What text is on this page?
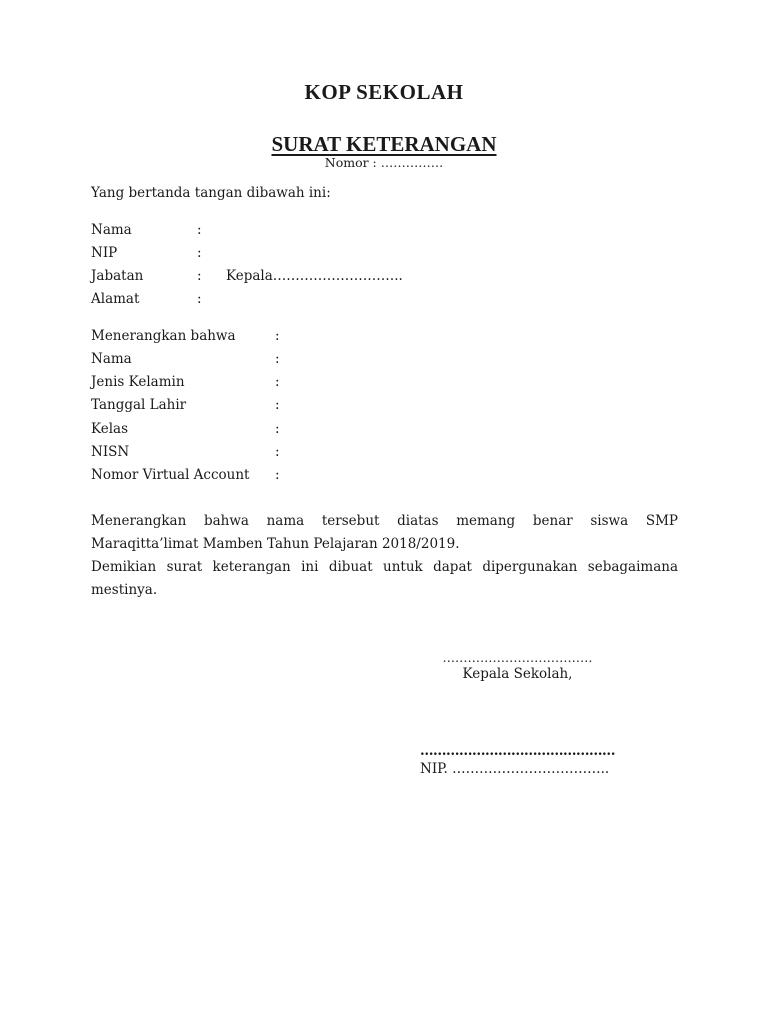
KOP SEKOLAH
SURAT KETERANGAN
Nomor : ……………
Yang bertanda tangan dibawah ini:
Nama	:
NIP	:
Jabatan	: Kepala………………………..
Alamat	:
Menerangkan bahwa	:
Nama	:
Jenis Kelamin	:
Tanggal Lahir	:
Kelas	:
NISN	:
Nomor Virtual Account :
Menerangkan bahwa nama tersebut diatas memang benar siswa SMP
Maraqitta’limat Mamben Tahun Pelajaran 2018/2019.
Demikian surat keterangan ini dibuat untuk dapat dipergunakan sebagaimana
mestinya.
………………………………
Kepala Sekolah,
………………………………………
NIP. ……………………………..
